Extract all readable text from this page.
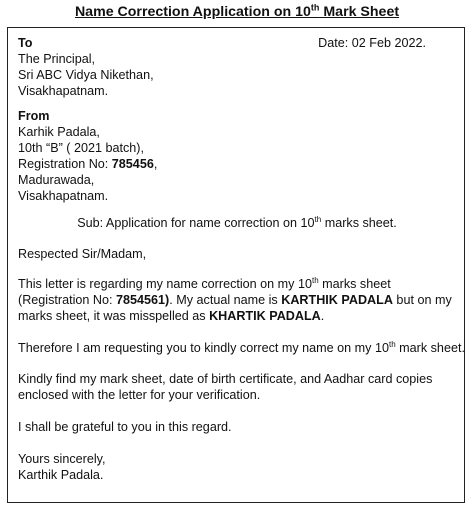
Name Correction Application on 10th Mark Sheet
To	Date: 02 Feb 2022.
The Principal,
Sri ABC Vidya Nikethan,
Visakhapatnam.
From
Karhik Padala,
10th “B” ( 2021 batch),
Registration No: 785456,
Madurawada,
Visakhapatnam.
Sub: Application for name correction on 10th marks sheet.
Respected Sir/Madam,
This letter is regarding my name correction on my 10th marks sheet
(Registration No: 7854561). My actual name is KARTHIK PADALA but on my
marks sheet, it was misspelled as KHARTIK PADALA.
Therefore I am requesting you to kindly correct my name on my 10th mark sheet.
Kindly find my mark sheet, date of birth certificate, and Aadhar card copies
enclosed with the letter for your verification.
I shall be grateful to you in this regard.
Yours sincerely,
Karthik Padala.
